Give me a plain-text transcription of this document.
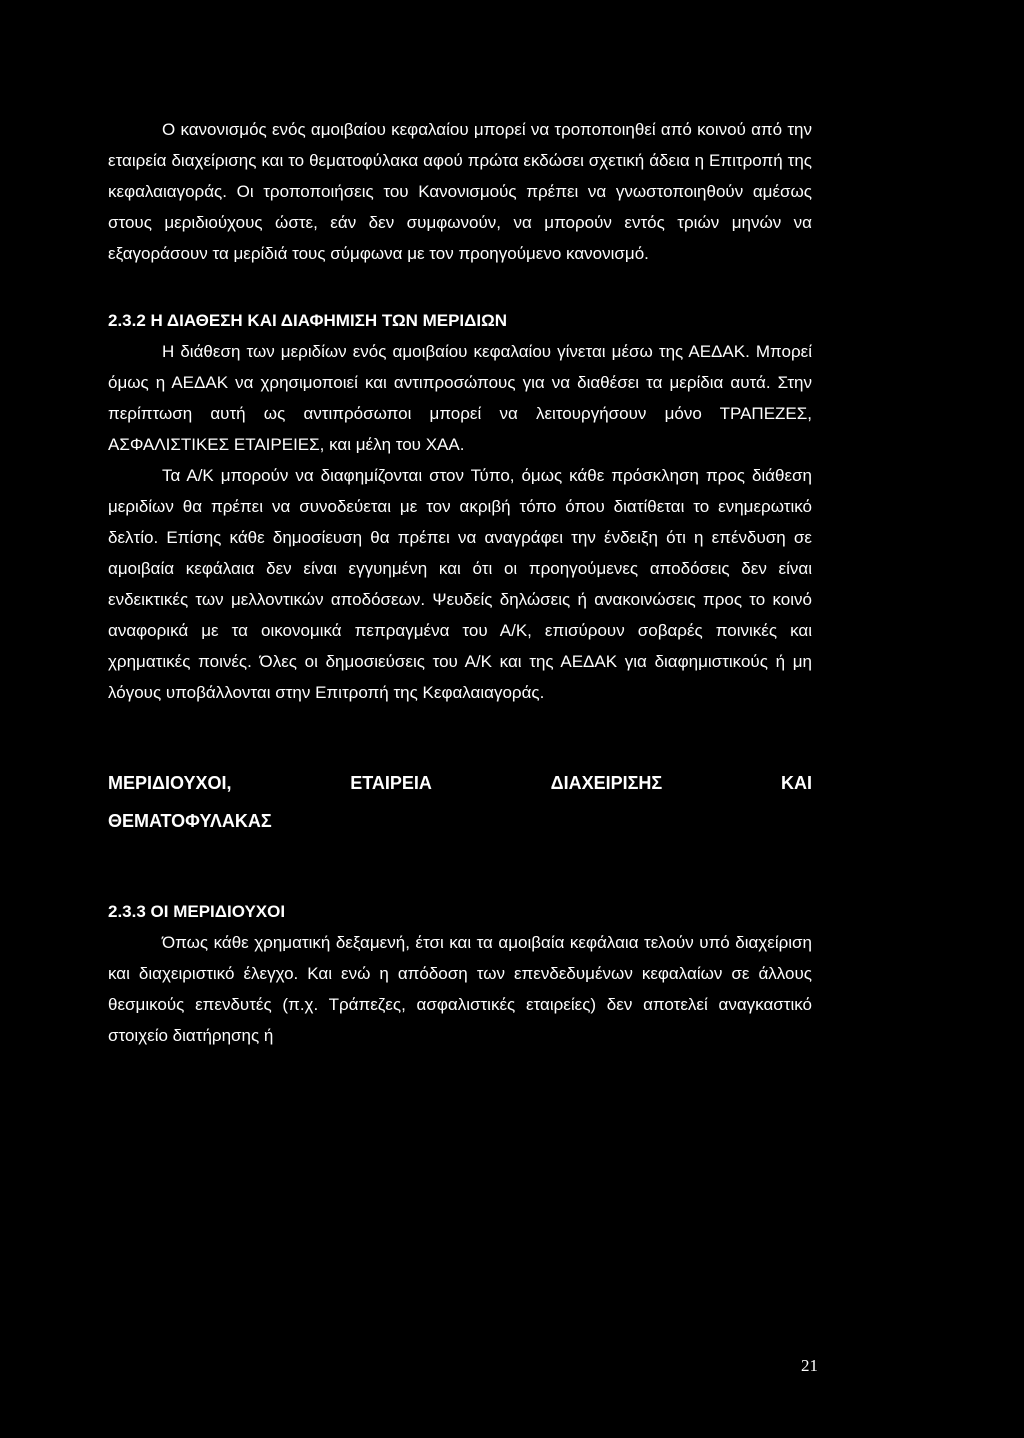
Ο κανονισμός ενός αμοιβαίου κεφαλαίου μπορεί να τροποποιηθεί από κοινού από την εταιρεία διαχείρισης και το θεματοφύλακα αφού πρώτα εκδώσει σχετική άδεια η Επιτροπή της κεφαλαιαγοράς. Οι τροποποιήσεις του Κανονισμούς πρέπει να γνωστοποιηθούν αμέσως στους μεριδιούχους ώστε, εάν δεν συμφωνούν, να μπορούν εντός τριών μηνών να εξαγοράσουν τα μερίδιά τους σύμφωνα με τον προηγούμενο κανονισμό.

2.3.2 Η ΔΙΑΘΕΣΗ ΚΑΙ ΔΙΑΦΗΜΙΣΗ ΤΩΝ ΜΕΡΙΔΙΩΝ

Η διάθεση των μεριδίων ενός αμοιβαίου κεφαλαίου γίνεται μέσω της ΑΕΔΑΚ. Μπορεί όμως η ΑΕΔΑΚ να χρησιμοποιεί και αντιπροσώπους για να διαθέσει τα μερίδια αυτά. Στην περίπτωση αυτή ως αντιπρόσωποι μπορεί να λειτουργήσουν μόνο ΤΡΑΠΕΖΕΣ, ΑΣΦΑΛΙΣΤΙΚΕΣ ΕΤΑΙΡΕΙΕΣ, και μέλη του ΧΑΑ.

Τα Α/Κ μπορούν να διαφημίζονται στον Τύπο, όμως κάθε πρόσκληση προς διάθεση μεριδίων θα πρέπει να συνοδεύεται με τον ακριβή τόπο όπου διατίθεται το ενημερωτικό δελτίο. Επίσης κάθε δημοσίευση θα πρέπει να αναγράφει την ένδειξη ότι η επένδυση σε αμοιβαία κεφάλαια δεν είναι εγγυημένη και ότι οι προηγούμενες αποδόσεις δεν είναι ενδεικτικές των μελλοντικών αποδόσεων. Ψευδείς δηλώσεις ή ανακοινώσεις προς το κοινό αναφορικά με τα οικονομικά πεπραγμένα του Α/Κ, επισύρουν σοβαρές ποινικές και χρηματικές ποινές. Όλες οι δημοσιεύσεις του Α/Κ και της ΑΕΔΑΚ για διαφημιστικούς ή μη λόγους υποβάλλονται στην Επιτροπή της Κεφαλαιαγοράς.

ΜΕΡΙΔΙΟΥΧΟΙ,	ΕΤΑΙΡΕΙΑ	ΔΙΑΧΕΙΡΙΣΗΣ	ΚΑΙ
ΘΕΜΑΤΟΦΥΛΑΚΑΣ

2.3.3 ΟΙ ΜΕΡΙΔΙΟΥΧΟΙ

Όπως κάθε χρηματική δεξαμενή, έτσι και τα αμοιβαία κεφάλαια τελούν υπό διαχείριση και διαχειριστικό έλεγχο. Και ενώ η απόδοση των επενδεδυμένων κεφαλαίων σε άλλους θεσμικούς επενδυτές (π.χ. Τράπεζες, ασφαλιστικές εταιρείες) δεν αποτελεί αναγκαστικό στοιχείο διατήρησης ή

21
